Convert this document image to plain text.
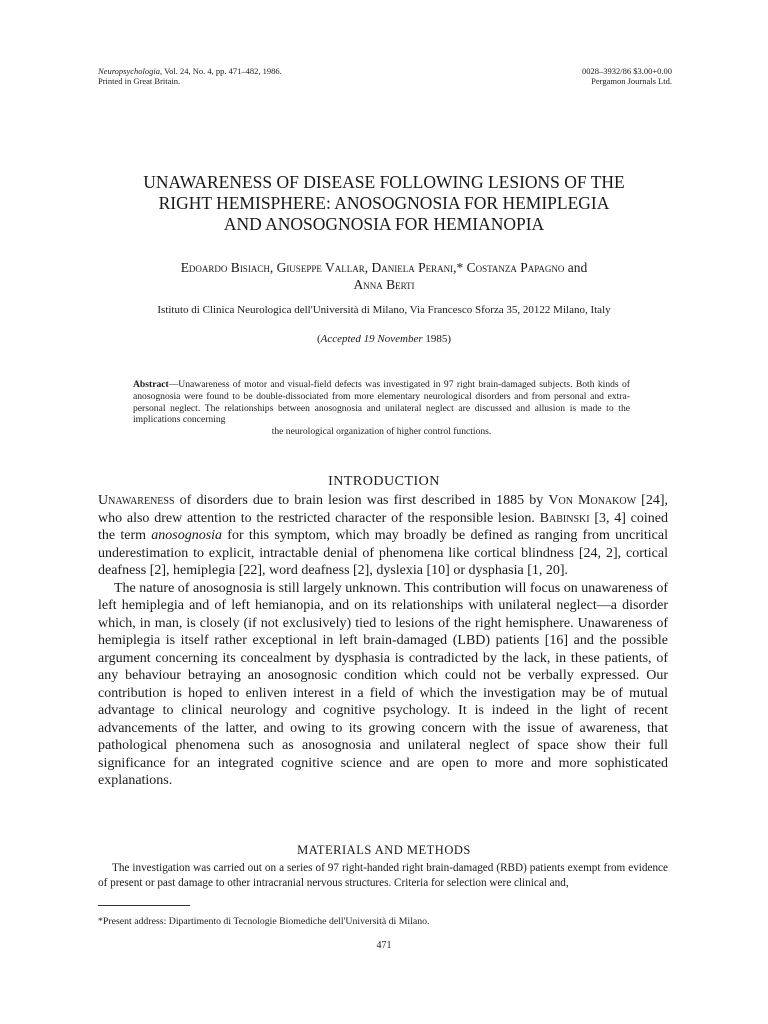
Neuropsychologia, Vol. 24, No. 4, pp. 471–482, 1986.
Printed in Great Britain.
0028–3932/86 $3.00+0.00
Pergamon Journals Ltd.
UNAWARENESS OF DISEASE FOLLOWING LESIONS OF THE
RIGHT HEMISPHERE: ANOSOGNOSIA FOR HEMIPLEGIA
AND ANOSOGNOSIA FOR HEMIANOPIA
Edoardo Bisiach, Giuseppe Vallar, Daniela Perani,* Costanza Papagno and
Anna Berti
Istituto di Clinica Neurologica dell'Università di Milano, Via Francesco Sforza 35, 20122 Milano, Italy
(Accepted 19 November 1985)
Abstract—Unawareness of motor and visual-field defects was investigated in 97 right brain-damaged subjects. Both kinds of anosognosia were found to be double-dissociated from more elementary neurological disorders and from personal and extra-personal neglect. The relationships between anosognosia and unilateral neglect are discussed and allusion is made to the implications concerning
the neurological organization of higher control functions.
INTRODUCTION

Unawareness of disorders due to brain lesion was first described in 1885 by Von Monakow [24], who also drew attention to the restricted character of the responsible lesion. Babinski [3, 4] coined the term anosognosia for this symptom, which may broadly be defined as ranging from uncritical underestimation to explicit, intractable denial of phenomena like cortical blindness [24, 2], cortical deafness [2], hemiplegia [22], word deafness [2], dyslexia [10] or dysphasia [1, 20].

The nature of anosognosia is still largely unknown. This contribution will focus on unawareness of left hemiplegia and of left hemianopia, and on its relationships with unilateral neglect—a disorder which, in man, is closely (if not exclusively) tied to lesions of the right hemisphere. Unawareness of hemiplegia is itself rather exceptional in left brain-damaged (LBD) patients [16] and the possible argument concerning its concealment by dysphasia is contradicted by the lack, in these patients, of any behaviour betraying an anosognosic condition which could not be verbally expressed. Our contribution is hoped to enliven interest in a field of which the investigation may be of mutual advantage to clinical neurology and cognitive psychology. It is indeed in the light of recent advancements of the latter, and owing to its growing concern with the issue of awareness, that pathological phenomena such as anosognosia and unilateral neglect of space show their full significance for an integrated cognitive science and are open to more and more sophisticated explanations.

MATERIALS AND METHODS

The investigation was carried out on a series of 97 right-handed right brain-damaged (RBD) patients exempt from evidence of present or past damage to other intracranial nervous structures. Criteria for selection were clinical and,

*Present address: Dipartimento di Tecnologie Biomediche dell'Università di Milano.
471
